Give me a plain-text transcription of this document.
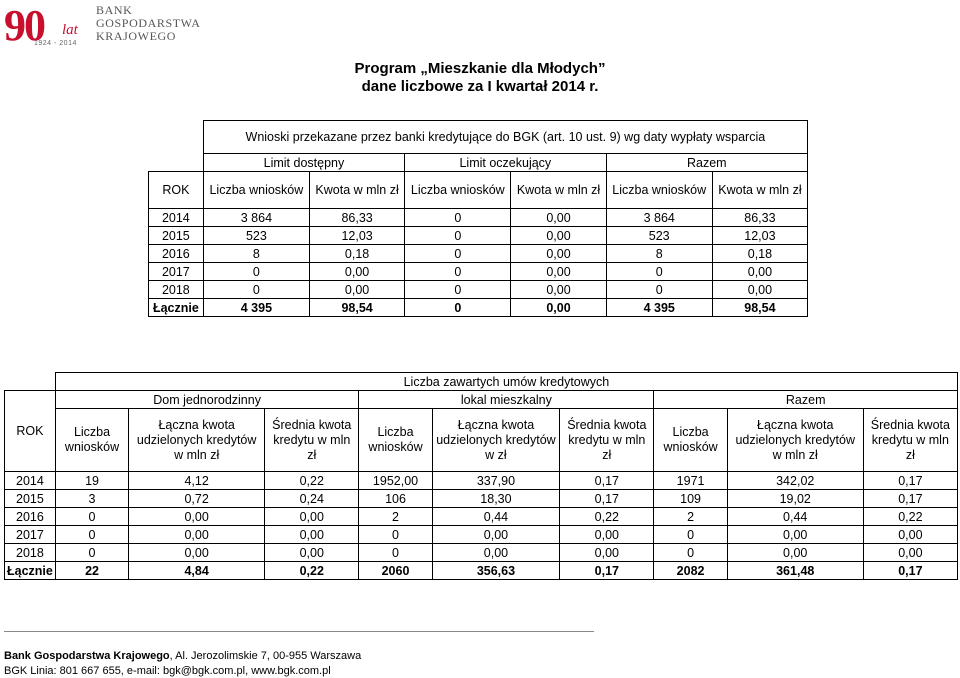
90 lat
1924 - 2014
BANK
GOSPODARSTWA
KRAJOWEGO
Program „Mieszkanie dla Młodych”
dane liczbowe za I kwartał 2014 r.
	Wnioski przekazane przez banki kredytujące do BGK (art. 10 ust. 9) wg daty wypłaty wsparcia					
	Limit dostępny		Limit oczekujący		Razem	
ROK	Liczba wniosków	Kwota w mln zł	Liczba wniosków	Kwota w mln zł	Liczba wniosków	Kwota w mln zł
2014	3 864	86,33	0	0,00	3 864	86,33
2015	523	12,03	0	0,00	523	12,03
2016	8	0,18	0	0,00	8	0,18
2017	0	0,00	0	0,00	0	0,00
2018	0	0,00	0	0,00	0	0,00
Łącznie	4 395	98,54	0	0,00	4 395	98,54
	Liczba zawartych umów kredytowych								
ROK	Dom jednorodzinny			lokal mieszkalny			Razem		
	Liczba wniosków	Łączna kwota udzielonych kredytów w mln zł	Średnia kwota kredytu w mln zł	Liczba wniosków	Łączna kwota udzielonych kredytów w zł	Średnia kwota kredytu w mln zł	Liczba wniosków	Łączna kwota udzielonych kredytów w mln zł	Średnia kwota kredytu w mln zł
2014	19	4,12	0,22	1952,00	337,90	0,17	1971	342,02	0,17
2015	3	0,72	0,24	106	18,30	0,17	109	19,02	0,17
2016	0	0,00	0,00	2	0,44	0,22	2	0,44	0,22
2017	0	0,00	0,00	0	0,00	0,00	0	0,00	0,00
2018	0	0,00	0,00	0	0,00	0,00	0	0,00	0,00
Łącznie	22	4,84	0,22	2060	356,63	0,17	2082	361,48	0,17
Bank Gospodarstwa Krajowego, Al. Jerozolimskie 7, 00-955 Warszawa
BGK Linia: 801 667 655, e-mail: bgk@bgk.com.pl, www.bgk.com.pl
